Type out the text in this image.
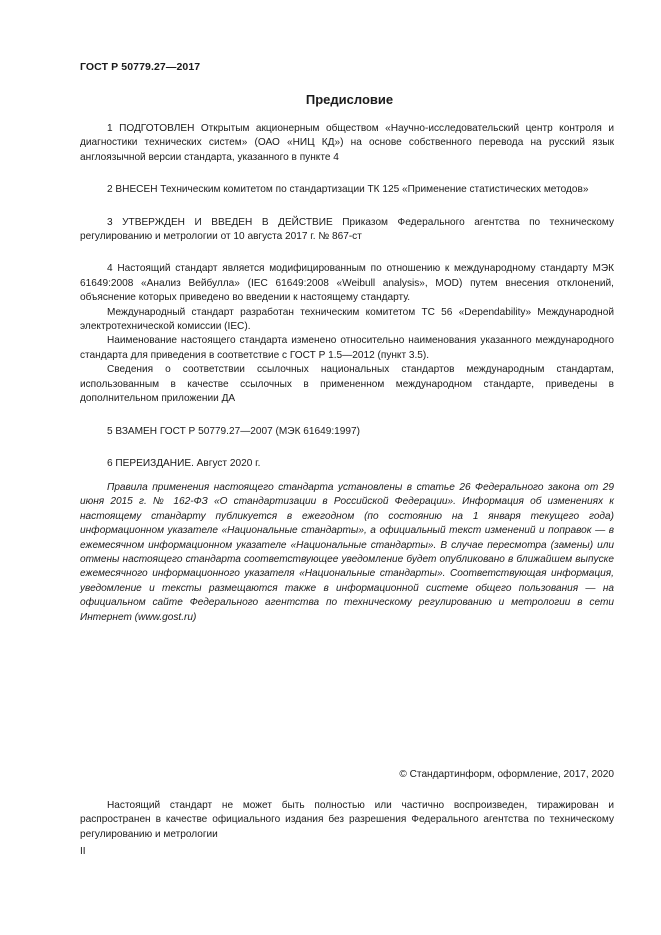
ГОСТ Р 50779.27—2017
Предисловие

1 ПОДГОТОВЛЕН Открытым акционерным обществом «Научно-исследовательский центр контроля и диагностики технических систем» (ОАО «НИЦ КД») на основе собственного перевода на русский язык англоязычной версии стандарта, указанного в пункте 4

2 ВНЕСЕН Техническим комитетом по стандартизации ТК 125 «Применение статистических методов»

3 УТВЕРЖДЕН И ВВЕДЕН В ДЕЙСТВИЕ Приказом Федерального агентства по техническому регулированию и метрологии от 10 августа 2017 г. № 867-ст

4 Настоящий стандарт является модифицированным по отношению к международному стандарту МЭК 61649:2008 «Анализ Вейбулла» (IEC 61649:2008 «Weibull analysis», MOD) путем внесения отклонений, объяснение которых приведено во введении к настоящему стандарту.

Международный стандарт разработан техническим комитетом ТС 56 «Dependability» Международной электротехнической комиссии (IEC).

Наименование настоящего стандарта изменено относительно наименования указанного международного стандарта для приведения в соответствие с ГОСТ Р 1.5—2012 (пункт 3.5).

Сведения о соответствии ссылочных национальных стандартов международным стандартам, использованным в качестве ссылочных в примененном международном стандарте, приведены в дополнительном приложении ДА

5 ВЗАМЕН ГОСТ Р 50779.27—2007 (МЭК 61649:1997)

6 ПЕРЕИЗДАНИЕ. Август 2020 г.

Правила применения настоящего стандарта установлены в статье 26 Федерального закона от 29 июня 2015 г. № 162-ФЗ «О стандартизации в Российской Федерации». Информация об изменениях к настоящему стандарту публикуется в ежегодном (по состоянию на 1 января текущего года) информационном указателе «Национальные стандарты», а официальный текст изменений и поправок — в ежемесячном информационном указателе «Национальные стандарты». В случае пересмотра (замены) или отмены настоящего стандарта соответствующее уведомление будет опубликовано в ближайшем выпуске ежемесячного информационного указателя «Национальные стандарты». Соответствующая информация, уведомление и тексты размещаются также в информационной системе общего пользования — на официальном сайте Федерального агентства по техническому регулированию и метрологии в сети Интернет (www.gost.ru)

© Стандартинформ, оформление, 2017, 2020

Настоящий стандарт не может быть полностью или частично воспроизведен, тиражирован и распространен в качестве официального издания без разрешения Федерального агентства по техническому регулированию и метрологии

II
